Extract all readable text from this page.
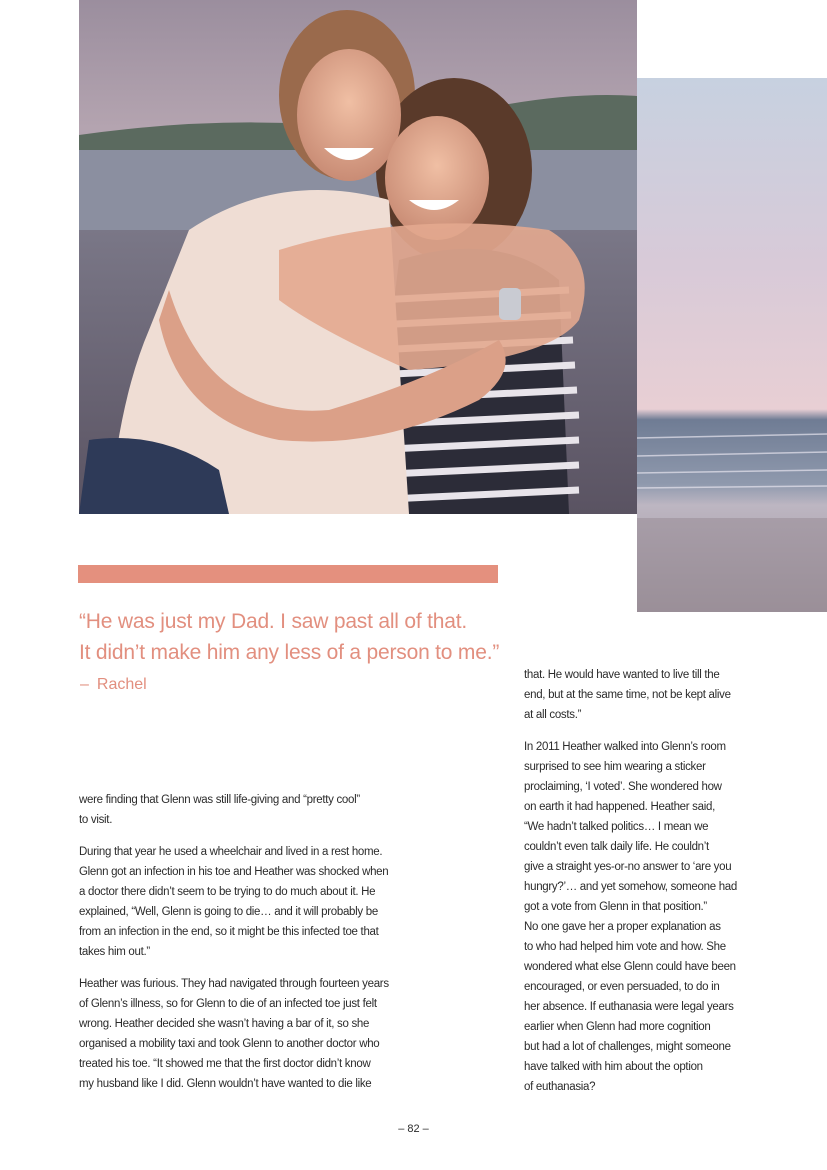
“He was just my Dad. I saw past all of that.
It didn’t make him any less of a person to me.”
– Rachel

were finding that Glenn was still life-giving and “pretty cool”
to visit.

During that year he used a wheelchair and lived in a rest home.
Glenn got an infection in his toe and Heather was shocked when
a doctor there didn’t seem to be trying to do much about it. He
explained, “Well, Glenn is going to die… and it will probably be
from an infection in the end, so it might be this infected toe that
takes him out.”

Heather was furious. They had navigated through fourteen years
of Glenn’s illness, so for Glenn to die of an infected toe just felt
wrong. Heather decided she wasn’t having a bar of it, so she
organised a mobility taxi and took Glenn to another doctor who
treated his toe. “It showed me that the first doctor didn’t know
my husband like I did. Glenn wouldn’t have wanted to die like

that. He would have wanted to live till the
end, but at the same time, not be kept alive
at all costs.”

In 2011 Heather walked into Glenn’s room
surprised to see him wearing a sticker
proclaiming, ‘I voted’. She wondered how
on earth it had happened. Heather said,
“We hadn’t talked politics… I mean we
couldn’t even talk daily life. He couldn’t
give a straight yes-or-no answer to ‘are you
hungry?’… and yet somehow, someone had
got a vote from Glenn in that position.”
No one gave her a proper explanation as
to who had helped him vote and how. She
wondered what else Glenn could have been
encouraged, or even persuaded, to do in
her absence. If euthanasia were legal years
earlier when Glenn had more cognition
but had a lot of challenges, might someone
have talked with him about the option
of euthanasia?

– 82 –
